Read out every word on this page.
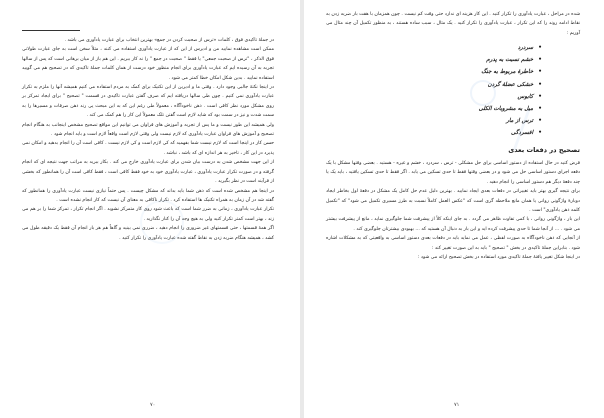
در جملهٔ تاکیدی فوق ، کلمات «ترس از صحبت کردن در جمع» بهترین انتخاب برای عبارت یادآوری می باشد .

ممکن است مشاهده نمایید من و ادیرس از این که از عبارت یادآوری استفاده می کنند ، مثلاً سخن است به جای عبارت طولانی فوق الذکر ، "ترس از صحبت جمعی" یا فقط " صحبت در جمع " را نه کار ببریم . این هم باز از میان برهانی است که پس از سالها تجربه به آن رسیده ایم که عبارت یادآوری برای انجام منظور خود درست از همان کلمات جملهٔ تاکیدی که در تصحیح هم می گویید استفاده نمایید . بدین شکل امکان خطا کمتر می شود .

در اینجا نکتهٔ جالبی وجود دارد . وقتی ما و ادیرین از این تکنیک برای کمک به مردم استفاده می کنیم همیشه آنها را ملزم به تکرار عبارت یادآوری نمی کنیم . چون طی سالها دریافته ایم که صرف گفتن عبارت تاکیدی در قسمت " تصحیح " برای ایجاد تمرکز بر روی مشکل مورد نظر کافی است . ذهن ناخودآگاه ، معمولاً طی رغم این که به این مبحث پی رند ذهن صرفات و مسیرها را به سمت شدت و نیز در سمت بود که شاید لازم است گفتن تلک معمولاً این کار را هم کمک می کند .

ولی همیشه این طور نیست و ما پس از تجربه و آموزش های فراوان می توانیم این مواقع تصحیح مشخص اینجانب به هنگام انجام تصحیح و آموزش های فراوان عبارت یادآوری که لازم نیست ولی وقتی لازم است واقعاً لازم است و باید انجام شود .

حسن کار در اینجا است که لازم نیست شما بفهمید که کی لازم است و کی لازم نیست . کافی است آن را انجام بدهید و امکان نمی پذیرد در این کار ، تاخیر به هر اندازه ای که باشد ، نباشد .

از این جهت مشخص شدن به درست بیان شدن برای عبارت یادآوری خارج می کند . بکار ببرید به مراتب جهت نتیجه ای که انجام گرفته و در صورت تکرار عبارت یادآوری ، عبارت یادآوری خود به خود فقط کافی است ، فقط کافی است آن را همانطور که بخشی از فرآیند است در نظر بگیرید .

در اینجا هم مشخص شده است که ذهن شما باید بداند که مشکل چیست . پس حتماً نیازی نیست عبارت یادآوری را همانطور که گفته شد در آن زمان به همراه تکنیک ها استفاده کرد . تکرار ناکافی به معنای آن نیست که کار انجام نشده است .

تکرار عبارت یادآوری ، زمانی به ضرر شما است که باعث شود روی کار متمرکز نشوید . اگر انجام تکرار ، تمرکز شما را بر هم می زند ، بهتر است کمتر تکرار کنید ولی به هیچ وجه آن را کنار نگذارید .

اگر همهٔ قسمتها ، حتی قسمتهای غیر ضروری را انجام دهید ، ضرری نمی بینید و گاهاً هم هر بار انجام آن فقط یک دقیقه طول می کشد ، همیشه هنگام ضربه زدن به نقاط گفته شده عبارت یادآوری را تکرار کنید .

۷۰

شده در مراحل ، عبارت یادآوری را تکرار کنید . این کار هزینه ای ندارد حتی وقت کم نیست . چون همزمان با هفت بار ضربه زدن به نقاط ادامه روند را که این تکرار ، عبارت یادآوری را تکرار کنید . یک مثال ، سبب ساده هستند ، به منظور تکمیل آن چند مثال می آوریم :

• سردرد
• خشم نسبت به پدرم
• خاطرهٔ مربوط به جنگ
• خشکی عضلهٔ گردن
• کابوس
• میل به مشروبات الکلی
• ترس از مار
• افسردگی
تصحیح در دفعات بعدی

فرض کنید در حال استفاده از دستور اساسی برای حل مشکلی - ترس ، سردرد ، خشم و غیره - هستید . بعضی وقتها مشکل با یک دفعه اجرای دستور اساسی حل می شود و در بعضی وقتها فقط تا حدی تسکین می یابد . اگر فقط تا حدی تسکین یافتید ، باید یک یا چند دفعهٔ دیگر هم دستور اساسی را انجام دهید .

برای نتیجه گیری بهتر باید تغییراتی در دفعات بعدی ایجاد نمایید . بهترین دلیل عدم حل کامل یک مشکل در دفعهٔ اول بخاطر ایجاد دوبارهٔ واژگونی روانی یا همان مانع ملاحظه گری است که "عکس العمل کاملاً نسبت به طرز مسیری تکمیل می شود" که "تکمیل کلمه ذهن یادآوری" است .

این بار ، واژگونی روانی ، با کمی تفاوت ظاهر می گردد . به جای اینکه کلاً از پیشرفت شما جلوگیری نماید ، مانع از پیشرفت بیشتر می شود . ... از آنجا شما تا حدی پیشرفت کرده اید و این بار به دنبال آن هستید که ... بهبودی بیشترتان جلوگیری کند .

از آنجایی که ذهن ناخودآگاه به صورت لفظی ، عمل می نماید باید در دفعات بعدی دستور اساسی به واقعیتی که به مشکلات اشاره شود . بنابراین جملهٔ تاکیدی در بخش " تصحیح " باید به این صورت تغییر کند :

در اینجا شکل تغییر یافتهٔ جملهٔ تاکیدی مورد استفاده در بخش تصحیح ارائه می شود :

۷۱
